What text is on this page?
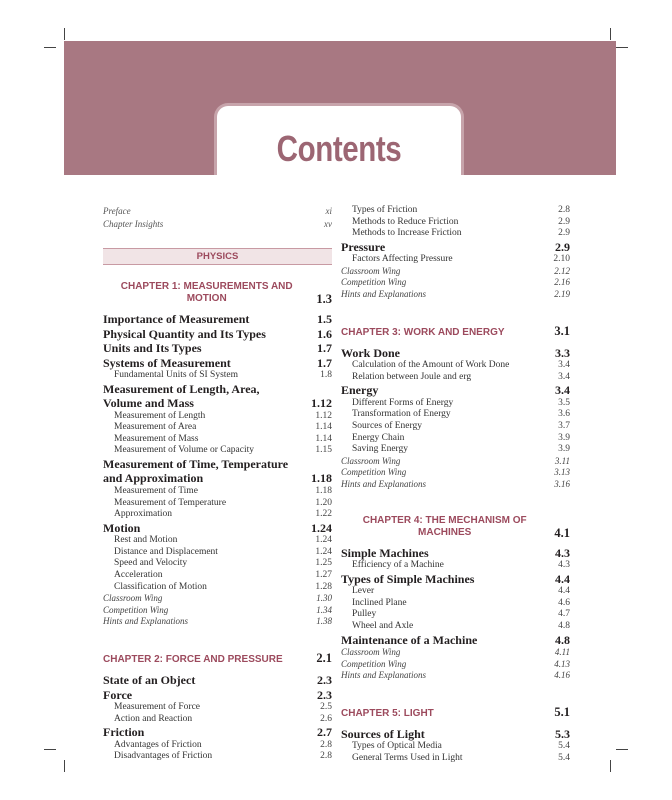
Contents
Preface	xi
Chapter Insights	xv
PHYSICS
CHAPTER 1: MEASUREMENTS AND
MOTION	1.3
Importance of Measurement	1.5
Physical Quantity and Its Types	1.6
Units and Its Types	1.7
Systems of Measurement	1.7
Fundamental Units of SI System	1.8
Measurement of Length, Area,
Volume and Mass	1.12
Measurement of Length	1.12
Measurement of Area	1.14
Measurement of Mass	1.14
Measurement of Volume or Capacity	1.15
Measurement of Time, Temperature
and Approximation	1.18
Measurement of Time	1.18
Measurement of Temperature	1.20
Approximation	1.22
Motion	1.24
Rest and Motion	1.24
Distance and Displacement	1.24
Speed and Velocity	1.25
Acceleration	1.27
Classification of Motion	1.28
Classroom Wing	1.30
Competition Wing	1.34
Hints and Explanations	1.38
CHAPTER 2: FORCE AND PRESSURE	2.1
State of an Object	2.3
Force	2.3
Measurement of Force	2.5
Action and Reaction	2.6
Friction	2.7
Advantages of Friction	2.8
Disadvantages of Friction	2.8
Types of Friction	2.8
Methods to Reduce Friction	2.9
Methods to Increase Friction	2.9
Pressure	2.9
Factors Affecting Pressure	2.10
Classroom Wing	2.12
Competition Wing	2.16
Hints and Explanations	2.19
CHAPTER 3: WORK AND ENERGY	3.1
Work Done	3.3
Calculation of the Amount of Work Done	3.4
Relation between Joule and erg	3.4
Energy	3.4
Different Forms of Energy	3.5
Transformation of Energy	3.6
Sources of Energy	3.7
Energy Chain	3.9
Saving Energy	3.9
Classroom Wing	3.11
Competition Wing	3.13
Hints and Explanations	3.16
CHAPTER 4: THE MECHANISM OF
MACHINES	4.1
Simple Machines	4.3
Efficiency of a Machine	4.3
Types of Simple Machines	4.4
Lever	4.4
Inclined Plane	4.6
Pulley	4.7
Wheel and Axle	4.8
Maintenance of a Machine	4.8
Classroom Wing	4.11
Competition Wing	4.13
Hints and Explanations	4.16
CHAPTER 5: LIGHT	5.1
Sources of Light	5.3
Types of Optical Media	5.4
General Terms Used in Light	5.4
